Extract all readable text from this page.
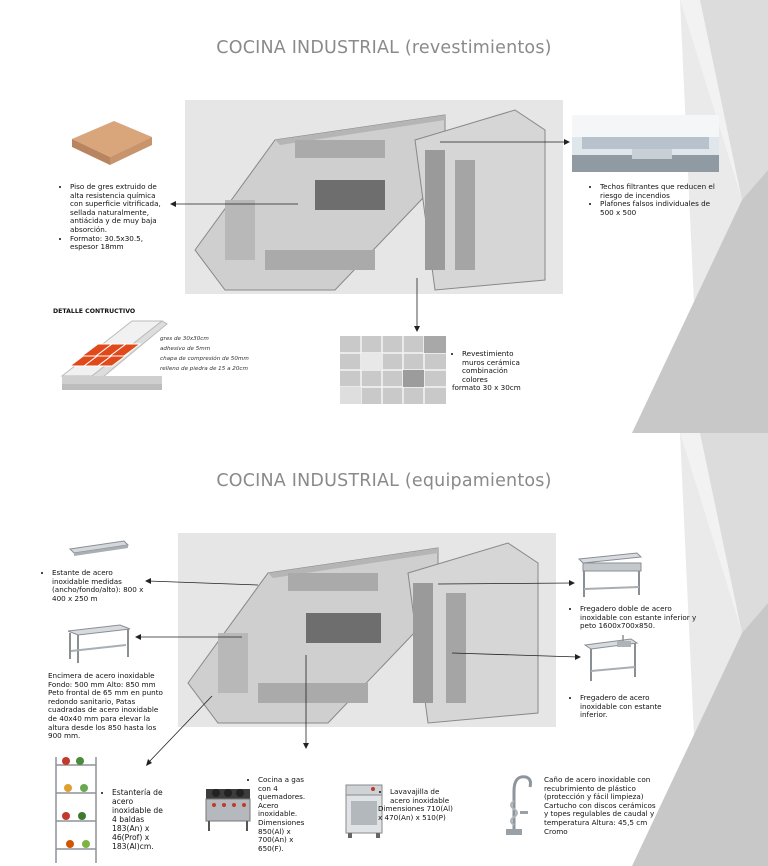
COCINA INDUSTRIAL (revestimientos)
• Piso de gres extruido de alta resistencia química con superficie vitrificada, sellada naturalmente, antiácida y de muy baja absorción.
• Formato: 30.5x30.5, espesor 18mm
• Techos filtrantes que reducen el riesgo de incendios
• Plafones falsos individuales de 500 x 500
DETALLE CONTRUCTIVO

gres de 30x30cm

adhesivo de 5mm

chapa de compresión de 50mm

relleno de piedra de 15 a 20cm

• Revestimiento muros cerámica combinación colores

formato 30 x 30cm

COCINA INDUSTRIAL (equipamientos)
• Estante de acero inoxidable medidas (ancho/fondo/alto): 800 x 400 x 250 m
Encimera de acero inoxidable Fondo: 500 mm Alto: 850 mm Peto frontal de 65 mm en punto redondo sanitario, Patas cuadradas de acero inoxidable de 40x40 mm para elevar la altura desde los 850 hasta los 900 mm.
• Estantería de acero inoxidable de 4 baldas 183(An) x 46(Prof) x 183(Al)cm.
• Cocina a gas con 4 quemadores. Acero inoxidable. Dimensiones 850(Al) x 700(An) x 650(F).
• Lavavajilla de acero inoxidable

Dimensiones 710(Al) x 470(An) x 510(P)

Caño de acero inoxidable con recubrimiento de plástico (protección y fácil limpieza) Cartucho con discos cerámicos y topes regulables de caudal y temperatura Altura: 45,5 cm Cromo
• Fregadero doble de acero inoxidable con estante inferior y peto 1600x700x850.
• Fregadero de acero inoxidable con estante inferior.
